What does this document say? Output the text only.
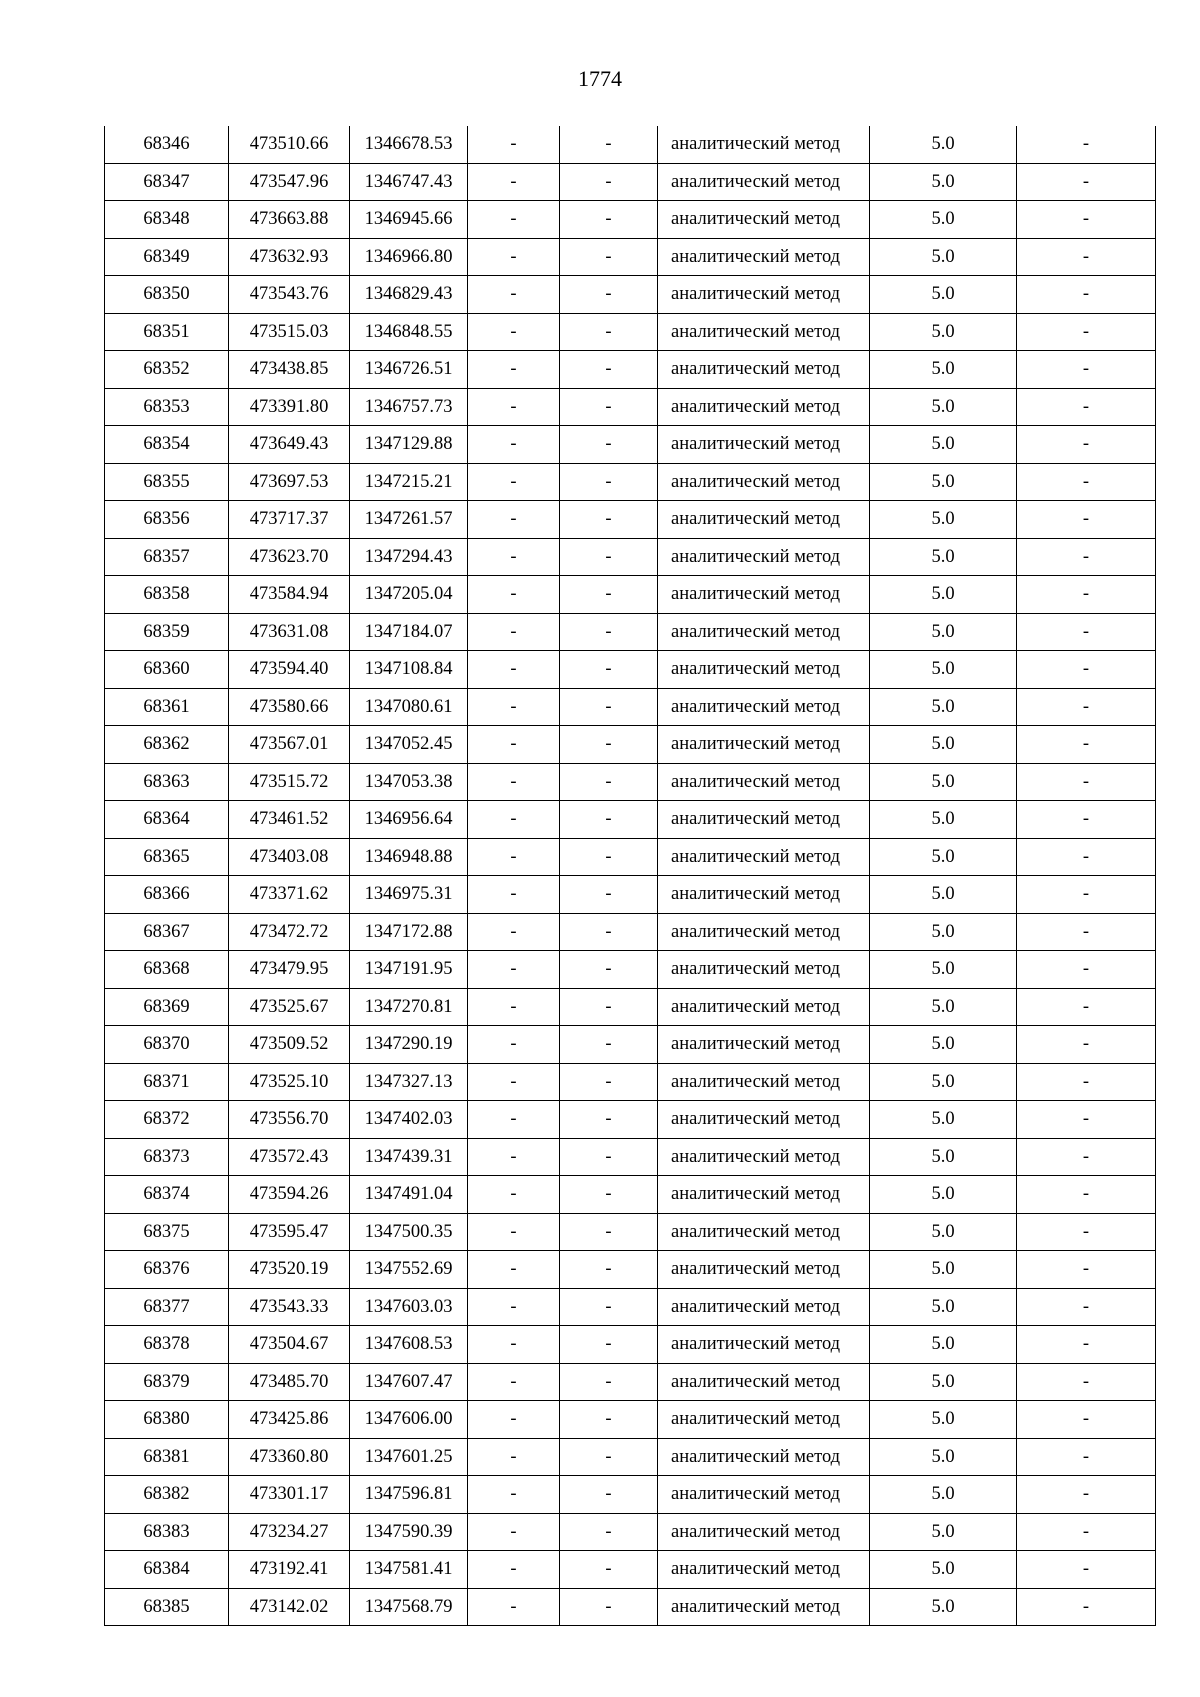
1774
68346	473510.66	1346678.53	-	-	аналитический метод	5.0	-
68347	473547.96	1346747.43	-	-	аналитический метод	5.0	-
68348	473663.88	1346945.66	-	-	аналитический метод	5.0	-
68349	473632.93	1346966.80	-	-	аналитический метод	5.0	-
68350	473543.76	1346829.43	-	-	аналитический метод	5.0	-
68351	473515.03	1346848.55	-	-	аналитический метод	5.0	-
68352	473438.85	1346726.51	-	-	аналитический метод	5.0	-
68353	473391.80	1346757.73	-	-	аналитический метод	5.0	-
68354	473649.43	1347129.88	-	-	аналитический метод	5.0	-
68355	473697.53	1347215.21	-	-	аналитический метод	5.0	-
68356	473717.37	1347261.57	-	-	аналитический метод	5.0	-
68357	473623.70	1347294.43	-	-	аналитический метод	5.0	-
68358	473584.94	1347205.04	-	-	аналитический метод	5.0	-
68359	473631.08	1347184.07	-	-	аналитический метод	5.0	-
68360	473594.40	1347108.84	-	-	аналитический метод	5.0	-
68361	473580.66	1347080.61	-	-	аналитический метод	5.0	-
68362	473567.01	1347052.45	-	-	аналитический метод	5.0	-
68363	473515.72	1347053.38	-	-	аналитический метод	5.0	-
68364	473461.52	1346956.64	-	-	аналитический метод	5.0	-
68365	473403.08	1346948.88	-	-	аналитический метод	5.0	-
68366	473371.62	1346975.31	-	-	аналитический метод	5.0	-
68367	473472.72	1347172.88	-	-	аналитический метод	5.0	-
68368	473479.95	1347191.95	-	-	аналитический метод	5.0	-
68369	473525.67	1347270.81	-	-	аналитический метод	5.0	-
68370	473509.52	1347290.19	-	-	аналитический метод	5.0	-
68371	473525.10	1347327.13	-	-	аналитический метод	5.0	-
68372	473556.70	1347402.03	-	-	аналитический метод	5.0	-
68373	473572.43	1347439.31	-	-	аналитический метод	5.0	-
68374	473594.26	1347491.04	-	-	аналитический метод	5.0	-
68375	473595.47	1347500.35	-	-	аналитический метод	5.0	-
68376	473520.19	1347552.69	-	-	аналитический метод	5.0	-
68377	473543.33	1347603.03	-	-	аналитический метод	5.0	-
68378	473504.67	1347608.53	-	-	аналитический метод	5.0	-
68379	473485.70	1347607.47	-	-	аналитический метод	5.0	-
68380	473425.86	1347606.00	-	-	аналитический метод	5.0	-
68381	473360.80	1347601.25	-	-	аналитический метод	5.0	-
68382	473301.17	1347596.81	-	-	аналитический метод	5.0	-
68383	473234.27	1347590.39	-	-	аналитический метод	5.0	-
68384	473192.41	1347581.41	-	-	аналитический метод	5.0	-
68385	473142.02	1347568.79	-	-	аналитический метод	5.0	-
